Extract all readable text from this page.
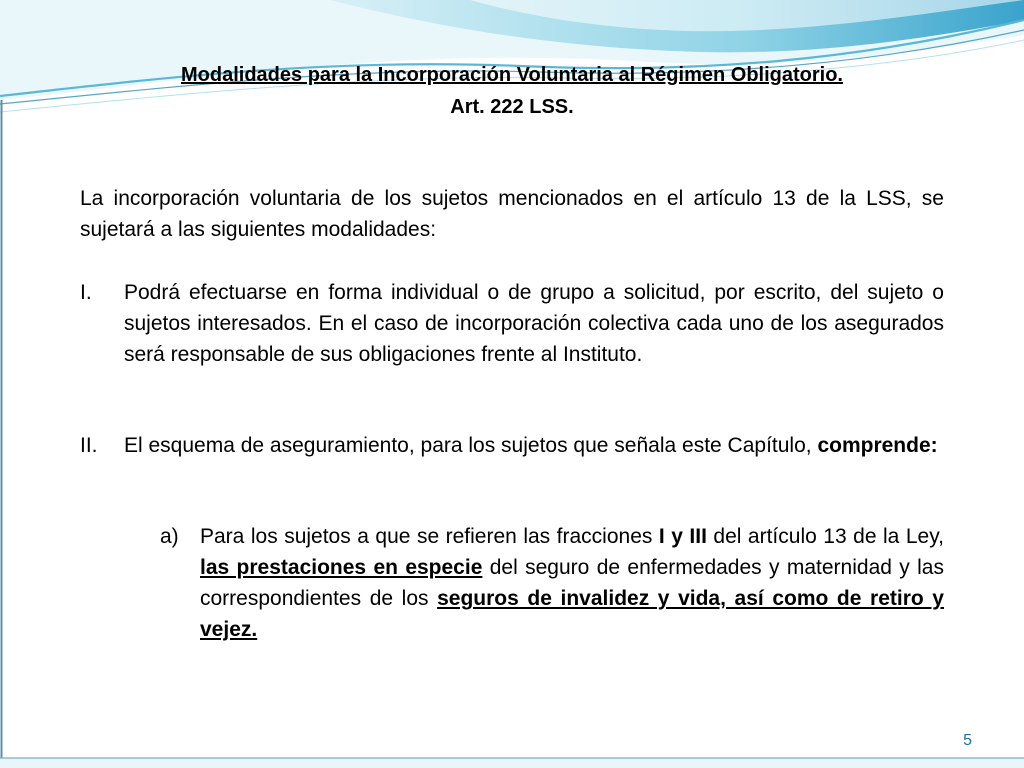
Modalidades para la Incorporación Voluntaria al Régimen Obligatorio.
Art. 222 LSS.
La incorporación voluntaria de los sujetos mencionados en el artículo 13 de la LSS, se sujetará a las siguientes modalidades:
I. Podrá efectuarse en forma individual o de grupo a solicitud, por escrito, del sujeto o sujetos interesados. En el caso de incorporación colectiva cada uno de los asegurados será responsable de sus obligaciones frente al Instituto.
II. El esquema de aseguramiento, para los sujetos que señala este Capítulo, comprende:
a) Para los sujetos a que se refieren las fracciones I y III del artículo 13 de la Ley, las prestaciones en especie del seguro de enfermedades y maternidad y las correspondientes de los seguros de invalidez y vida, así como de retiro y vejez.
5
